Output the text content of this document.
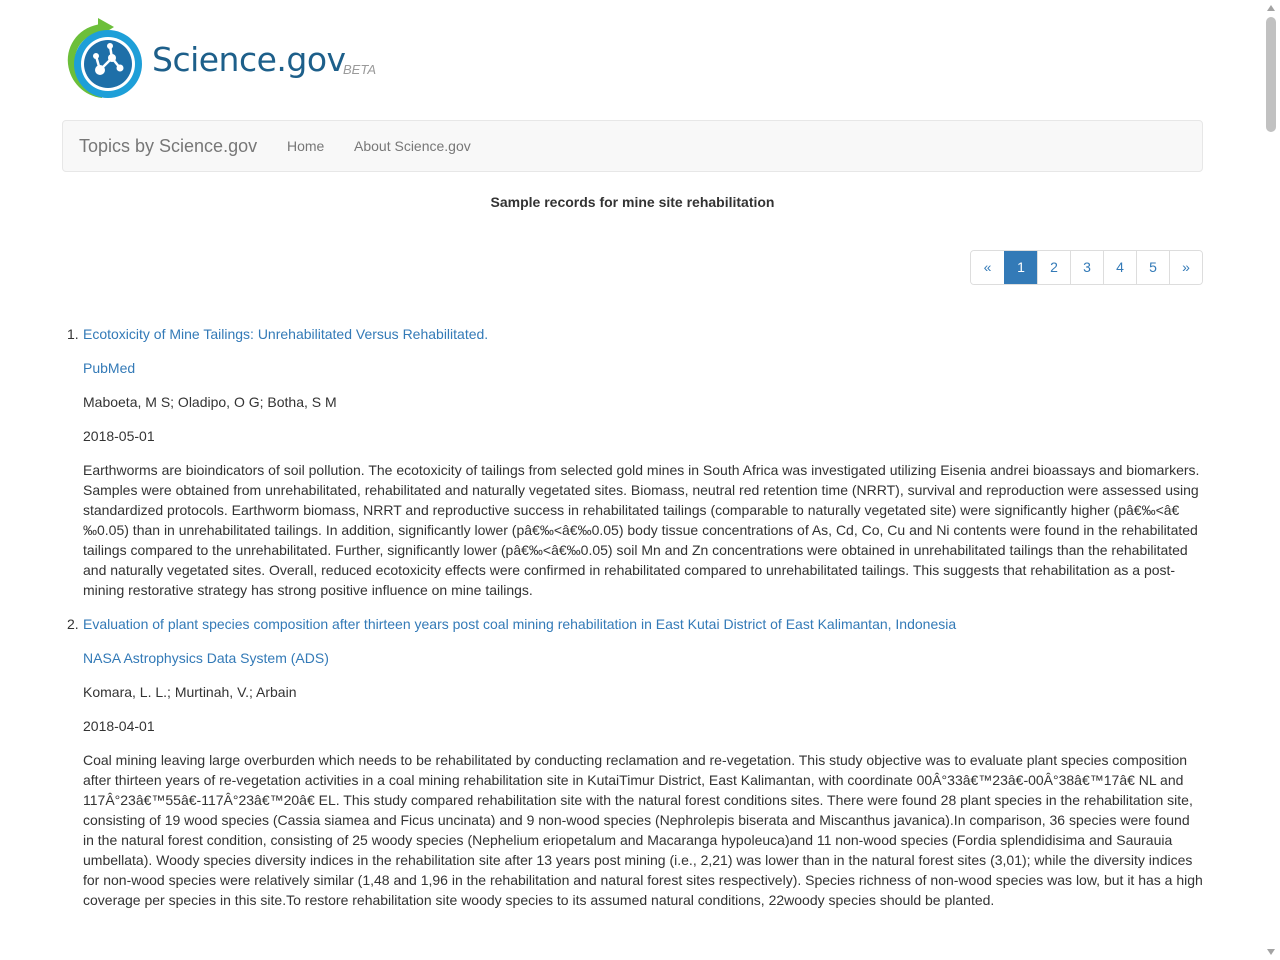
Science.gov
BETA
Topics by Science.gov Home About Science.gov
Sample records for mine site rehabilitation
«	1	2	3	4	5	»
1. Ecotoxicity of Mine Tailings: Unrehabilitated Versus Rehabilitated.
PubMed
Maboeta, M S; Oladipo, O G; Botha, S M
2018-05-01
Earthworms are bioindicators of soil pollution. The ecotoxicity of tailings from selected gold mines in South Africa was investigated utilizing Eisenia andrei bioassays and biomarkers. Samples were obtained from unrehabilitated, rehabilitated and naturally vegetated sites. Biomass, neutral red retention time (NRRT), survival and reproduction were assessed using standardized protocols. Earthworm biomass, NRRT and reproductive success in rehabilitated tailings (comparable to naturally vegetated site) were significantly higher (pâ€‰<â€‰0.05) than in unrehabilitated tailings. In addition, significantly lower (pâ€‰<â€‰0.05) body tissue concentrations of As, Cd, Co, Cu and Ni contents were found in the rehabilitated tailings compared to the unrehabilitated. Further, significantly lower (pâ€‰<â€‰0.05) soil Mn and Zn concentrations were obtained in unrehabilitated tailings than the rehabilitated and naturally vegetated sites. Overall, reduced ecotoxicity effects were confirmed in rehabilitated compared to unrehabilitated tailings. This suggests that rehabilitation as a post-mining restorative strategy has strong positive influence on mine tailings.
2. Evaluation of plant species composition after thirteen years post coal mining rehabilitation in East Kutai District of East Kalimantan, Indonesia
NASA Astrophysics Data System (ADS)
Komara, L. L.; Murtinah, V.; Arbain
2018-04-01
Coal mining leaving large overburden which needs to be rehabilitated by conducting reclamation and re-vegetation. This study objective was to evaluate plant species composition after thirteen years of re-vegetation activities in a coal mining rehabilitation site in KutaiTimur District, East Kalimantan, with coordinate 00Â°33â€™23â€-00Â°38â€™17â€ NL and 117Â°23â€™55â€-117Â°23â€™20â€ EL. This study compared rehabilitation site with the natural forest conditions sites. There were found 28 plant species in the rehabilitation site, consisting of 19 wood species (Cassia siamea and Ficus uncinata) and 9 non-wood species (Nephrolepis biserata and Miscanthus javanica).In comparison, 36 species were found in the natural forest condition, consisting of 25 woody species (Nephelium eriopetalum and Macaranga hypoleuca)and 11 non-wood species (Fordia splendidisima and Saurauia umbellata). Woody species diversity indices in the rehabilitation site after 13 years post mining (i.e., 2,21) was lower than in the natural forest sites (3,01); while the diversity indices for non-wood species were relatively similar (1,48 and 1,96 in the rehabilitation and natural forest sites respectively). Species richness of non-wood species was low, but it has a high coverage per species in this site.To restore rehabilitation site woody species to its assumed natural conditions, 22woody species should be planted.
